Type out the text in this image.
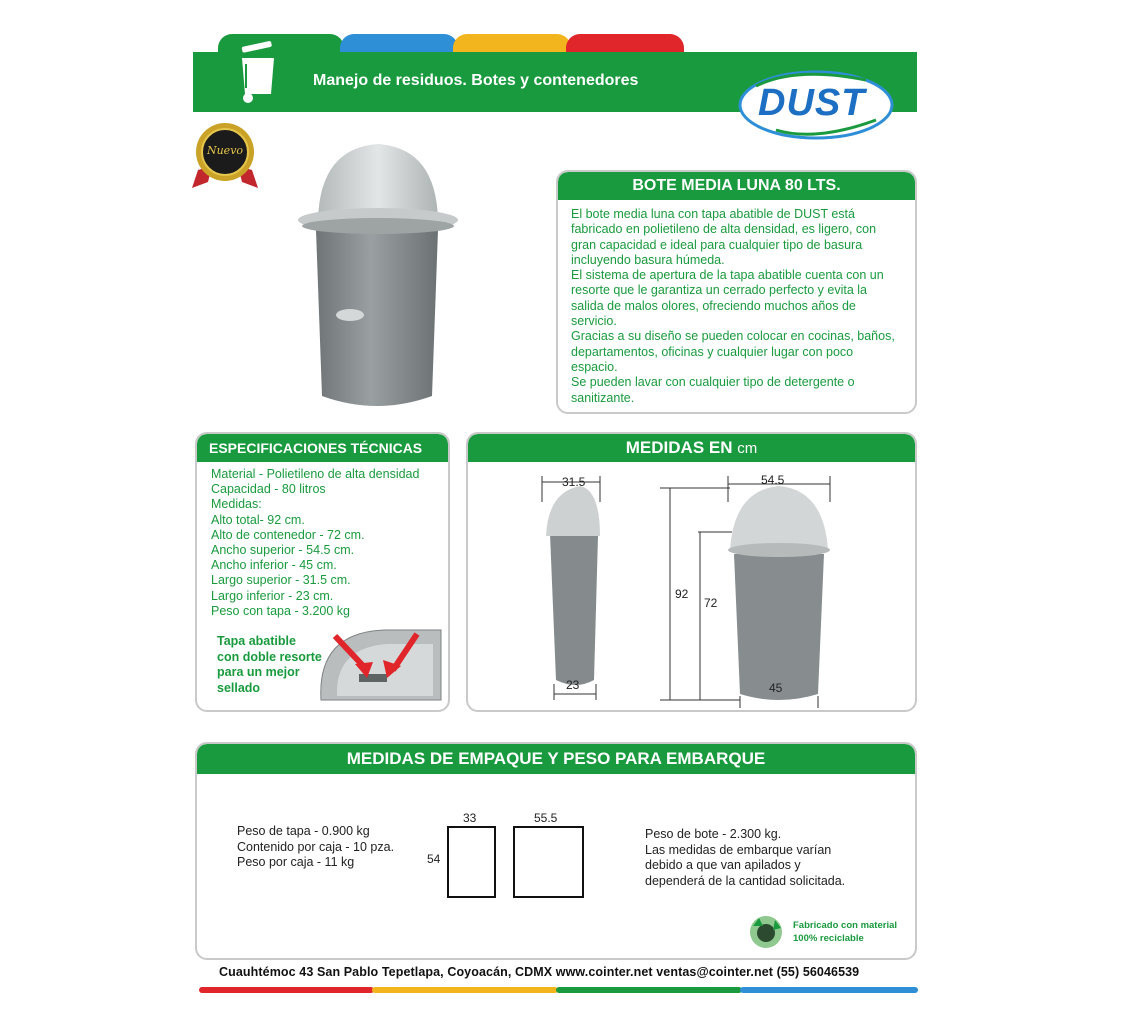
Manejo de residuos. Botes y contenedores
DUST
Nuevo
BOTE MEDIA LUNA 80 LTS.
El bote media luna con tapa abatible de DUST está
fabricado en polietileno de alta densidad, es ligero, con
gran capacidad e ideal para cualquier tipo de basura
incluyendo basura húmeda.
El sistema de apertura de la tapa abatible cuenta con un
resorte que le garantiza un cerrado perfecto y evita la
salida de malos olores, ofreciendo muchos años de
servicio.
Gracias a su diseño se pueden colocar en cocinas, baños,
departamentos, oficinas y cualquier lugar con poco
espacio.
Se pueden lavar con cualquier tipo de detergente o
sanitizante.
ESPECIFICACIONES TÉCNICAS
Material - Polietileno de alta densidad
Capacidad - 80 litros
Medidas:
Alto total- 92 cm.
Alto de contenedor - 72 cm.
Ancho superior - 54.5 cm.
Ancho inferior - 45 cm.
Largo superior - 31.5 cm.
Largo inferior - 23 cm.
Peso con tapa - 3.200 kg
Tapa abatible
con doble resorte
para un mejor
sellado
MEDIDAS EN
cm
31.5
23
54.5
45
92
72
MEDIDAS DE EMPAQUE Y PESO PARA EMBARQUE
Peso de tapa - 0.900 kg
Contenido por caja - 10 pza.
Peso por caja - 11 kg
33	55.5
54
Peso de bote - 2.300 kg.
Las medidas de embarque varían
debido a que van apilados y
dependerá de la cantidad solicitada.
Fabricado con material
100% reciclable
Cuauhtémoc 43 San Pablo Tepetlapa, Coyoacán, CDMX www.cointer.net ventas@cointer.net (55) 56046539
